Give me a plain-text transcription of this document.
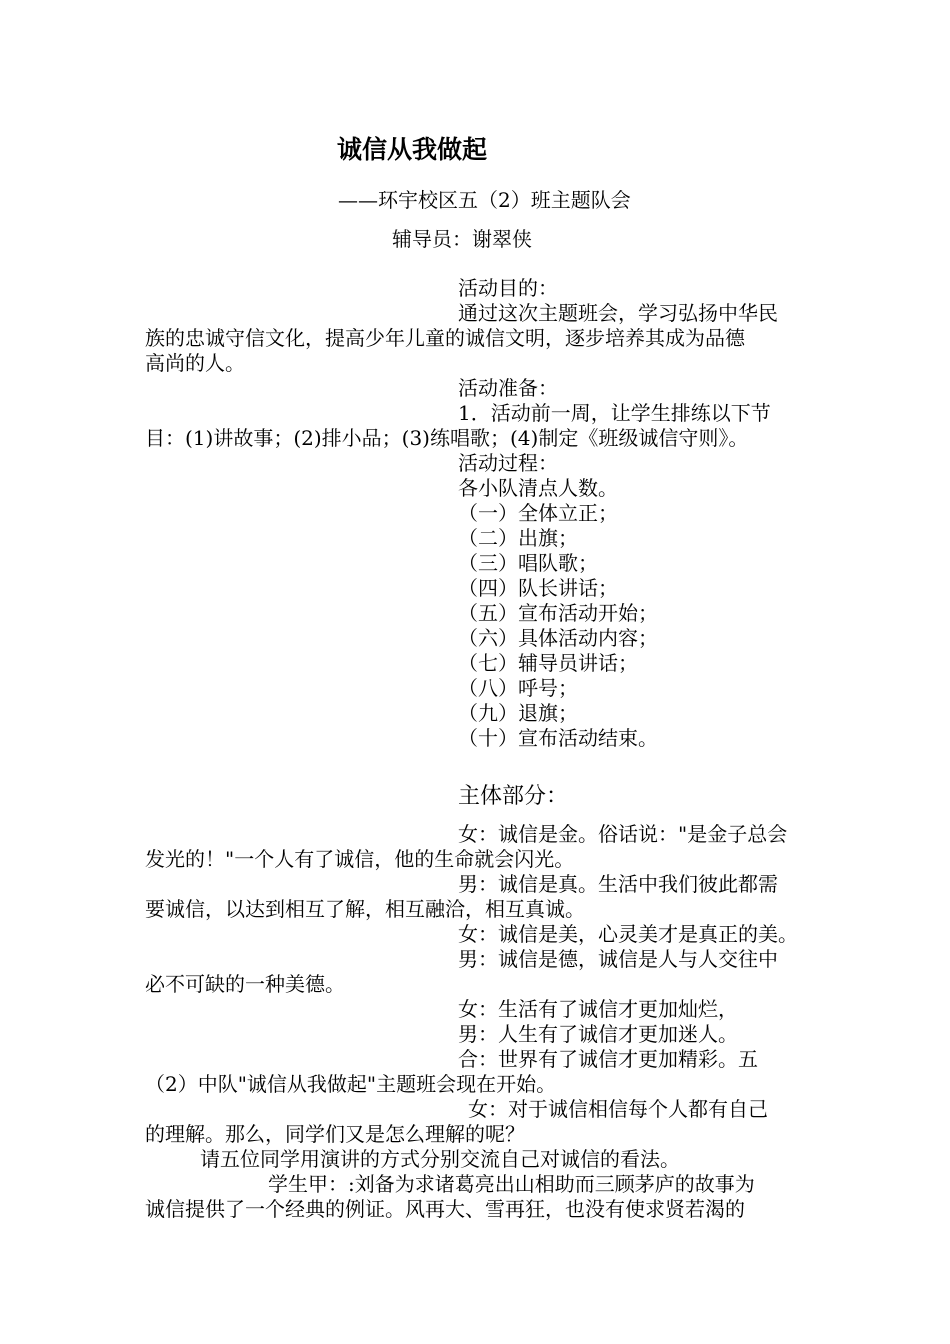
诚信从我做起
——环宇校区五（2）班主题队会
辅导员：谢翠侠
活动目的：
通过这次主题班会，学习弘扬中华民
族的忠诚守信文化，提高少年儿童的诚信文明，逐步培养其成为品德
高尚的人。
活动准备：
1．活动前一周，让学生排练以下节
目：(1)讲故事；(2)排小品；(3)练唱歌；(4)制定《班级诚信守则》。
活动过程：
各小队清点人数。
（一）全体立正；
（二）出旗；
（三）唱队歌；
（四）队长讲话；
（五）宣布活动开始；
（六）具体活动内容；
（七）辅导员讲话；
（八）呼号；
（九）退旗；
（十）宣布活动结束。
主体部分：
女：诚信是金。俗话说："是金子总会
发光的！"一个人有了诚信，他的生命就会闪光。
男：诚信是真。生活中我们彼此都需
要诚信，以达到相互了解，相互融洽，相互真诚。
女：诚信是美，心灵美才是真正的美。
男：诚信是德，诚信是人与人交往中
必不可缺的一种美德。
女：生活有了诚信才更加灿烂，
男：人生有了诚信才更加迷人。
合：世界有了诚信才更加精彩。五
（2）中队"诚信从我做起"主题班会现在开始。
女：对于诚信相信每个人都有自己
的理解。那么，同学们又是怎么理解的呢？
请五位同学用演讲的方式分别交流自己对诚信的看法。
学生甲：:刘备为求诸葛亮出山相助而三顾茅庐的故事为
诚信提供了一个经典的例证。风再大、雪再狂，也没有使求贤若渴的
